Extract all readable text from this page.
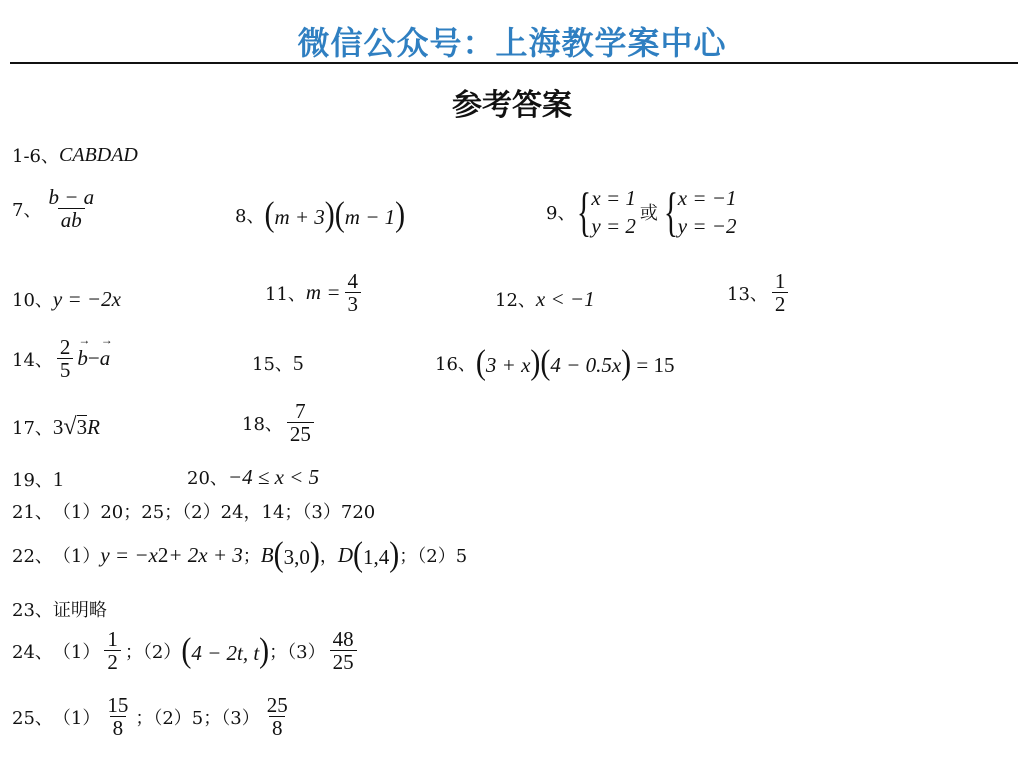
微信公众号：上海教学案中心
参考答案
1-6、 CABDAD
7、 $\frac{b - a}{ab}$	8、 (m + 3)(m − 1)	9、 { x = 1
y = 2
或 { x = −1
y = −2
10、 y = −2x	11、 $m = \frac{4}{3}$	12、 x < −1	13、 $\frac{1}{2}$
14、 $\frac{2}{5}$
→ b −
→ a	15、 5	16、 (3 + x)(4 − 0.5x) = 15
17、 3 √ 3 R	18、 $\frac{7}{25}$
19、 1	20、 −4 ≤ x < 5
21、 （1）20；25；（2）24，14；（3）720
22、 （1） y = −x 2 + 2x + 3 ； B (3,0) ， D (1,4) ；（2）5
23、 证明略
24、 $(1) \frac{1}{2}$ ；（2） (4 − 2t, t) ；$(3) \frac{48}{25}$
25、 $(1) \frac{15}{8}$ ；（2）5；$(3) \frac{25}{8}$
